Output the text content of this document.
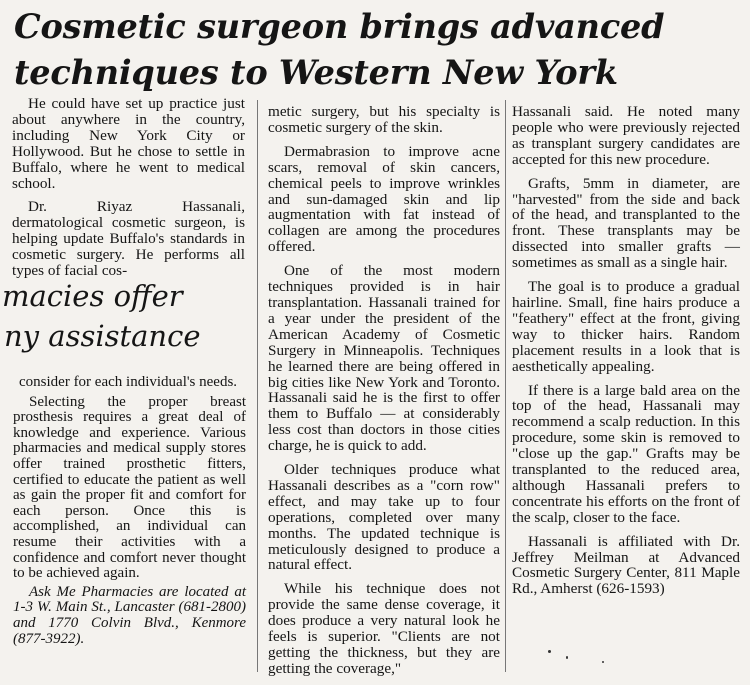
Cosmetic surgeon brings advanced
techniques to Western New York

He could have set up practice just about anywhere in the country, including New York City or Hollywood. But he chose to settle in Buffalo, where he went to medical school.

Dr. Riyaz Hassanali, dermatological cosmetic surgeon, is helping update Buffalo's standards in cosmetic surgery. He performs all types of facial cos-

macies offer
ny assistance

consider for each individual's needs.

Selecting the proper breast prosthesis requires a great deal of knowledge and experience. Various pharmacies and medical supply stores offer trained prosthetic fitters, certified to educate the patient as well as gain the proper fit and comfort for each person. Once this is accomplished, an individual can resume their activities with a confidence and comfort never thought to be achieved again.

Ask Me Pharmacies are located at 1-3 W. Main St., Lancaster (681-2800) and 1770 Colvin Blvd., Kenmore (877-3922).

metic surgery, but his specialty is cosmetic surgery of the skin.

Dermabrasion to improve acne scars, removal of skin cancers, chemical peels to improve wrinkles and sun-damaged skin and lip augmentation with fat instead of collagen are among the procedures offered.

One of the most modern techniques provided is in hair transplantation. Hassanali trained for a year under the president of the American Academy of Cosmetic Surgery in Minneapolis. Techniques he learned there are being offered in big cities like New York and Toronto. Hassanali said he is the first to offer them to Buffalo — at considerably less cost than doctors in those cities charge, he is quick to add.

Older techniques produce what Hassanali describes as a "corn row" effect, and may take up to four operations, completed over many months. The updated technique is meticulously designed to produce a natural effect.

While his technique does not provide the same dense coverage, it does produce a very natural look he feels is superior. "Clients are not getting the thickness, but they are getting the coverage,"

Hassanali said. He noted many people who were previously rejected as transplant surgery candidates are accepted for this new procedure.

Grafts, 5mm in diameter, are "harvested" from the side and back of the head, and transplanted to the front. These transplants may be dissected into smaller grafts — sometimes as small as a single hair.

The goal is to produce a gradual hairline. Small, fine hairs produce a "feathery" effect at the front, giving way to thicker hairs. Random placement results in a look that is aesthetically appealing.

If there is a large bald area on the top of the head, Hassanali may recommend a scalp reduction. In this procedure, some skin is removed to "close up the gap." Grafts may be transplanted to the reduced area, although Hassanali prefers to concentrate his efforts on the front of the scalp, closer to the face.

Hassanali is affiliated with Dr. Jeffrey Meilman at Advanced Cosmetic Surgery Center, 811 Maple Rd., Amherst (626-1593)
